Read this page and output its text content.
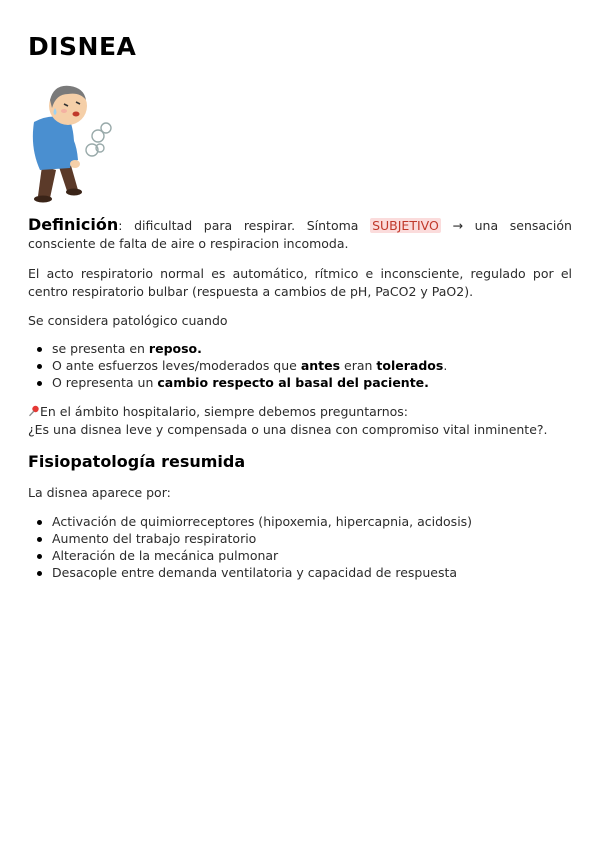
DISNEA

Definición: dificultad para respirar. Síntoma SUBJETIVO → una sensación consciente de falta de aire o respiracion incomoda.

El acto respiratorio normal es automático, rítmico e inconsciente, regulado por el centro respiratorio bulbar (respuesta a cambios de pH, PaCO2 y PaO2).

Se considera patológico cuando

se presenta en reposo.
O ante esfuerzos leves/moderados que antes eran tolerados.
O representa un cambio respecto al basal del paciente.

En el ámbito hospitalario, siempre debemos preguntarnos:
¿Es una disnea leve y compensada o una disnea con compromiso vital inminente?.

Fisiopatología resumida

La disnea aparece por:

Activación de quimiorreceptores (hipoxemia, hipercapnia, acidosis)
Aumento del trabajo respiratorio
Alteración de la mecánica pulmonar
Desacople entre demanda ventilatoria y capacidad de respuesta
